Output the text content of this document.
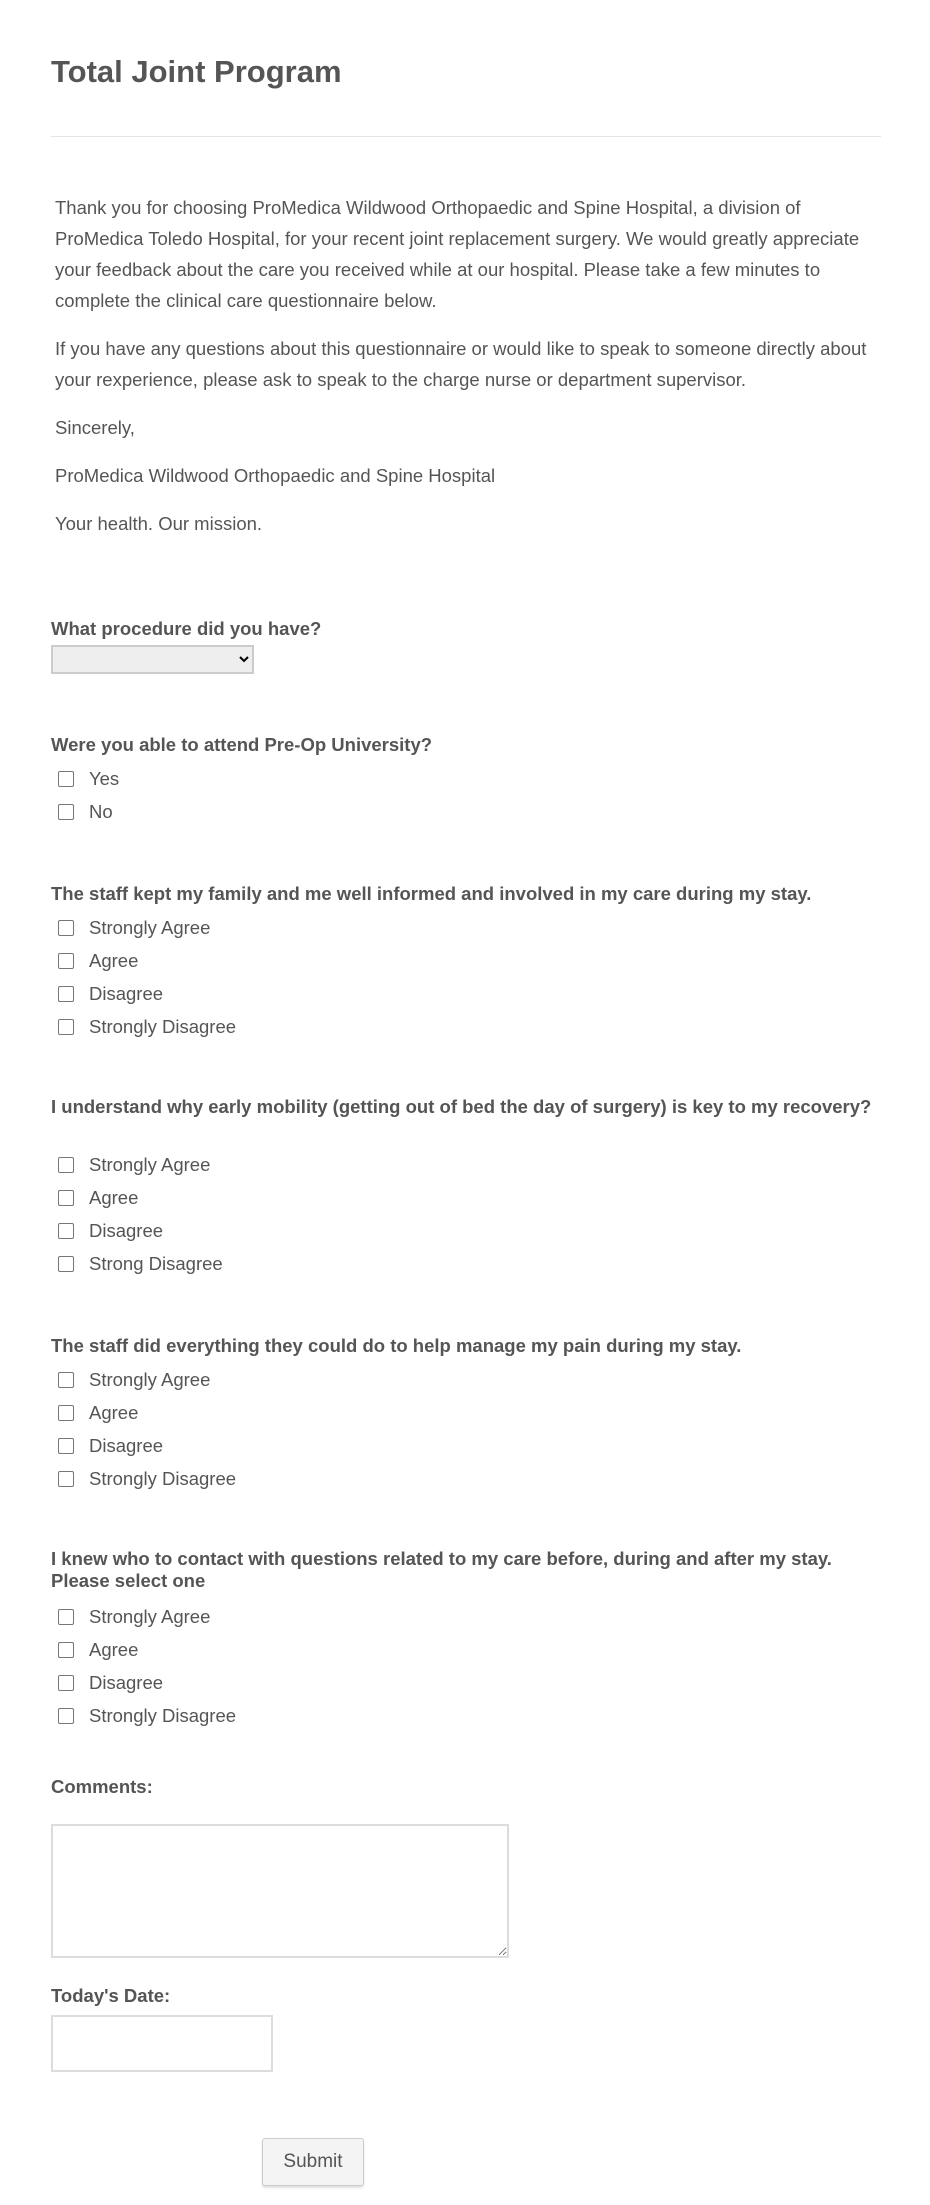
Total Joint Program

Thank you for choosing ProMedica Wildwood Orthopaedic and Spine Hospital, a division of ProMedica Toledo Hospital, for your recent joint replacement surgery. We would greatly appreciate your feedback about the care you received while at our hospital. Please take a few minutes to complete the clinical care questionnaire below.

If you have any questions about this questionnaire or would like to speak to someone directly about your rexperience, please ask to speak to the charge nurse or department supervisor.

Sincerely,

ProMedica Wildwood Orthopaedic and Spine Hospital

Your health. Our mission.

What procedure did you have?
Were you able to attend Pre-Op University?
Yes
No
The staff kept my family and me well informed and involved in my care during my stay.
Strongly Agree
Agree
Disagree
Strongly Disagree
I understand why early mobility (getting out of bed the day of surgery) is key to my recovery?
Strongly Agree
Agree
Disagree
Strong Disagree
The staff did everything they could do to help manage my pain during my stay.
Strongly Agree
Agree
Disagree
Strongly Disagree
I knew who to contact with questions related to my care before, during and after my stay. Please select one
Strongly Agree
Agree
Disagree
Strongly Disagree
Comments:
Today's Date:
Submit
